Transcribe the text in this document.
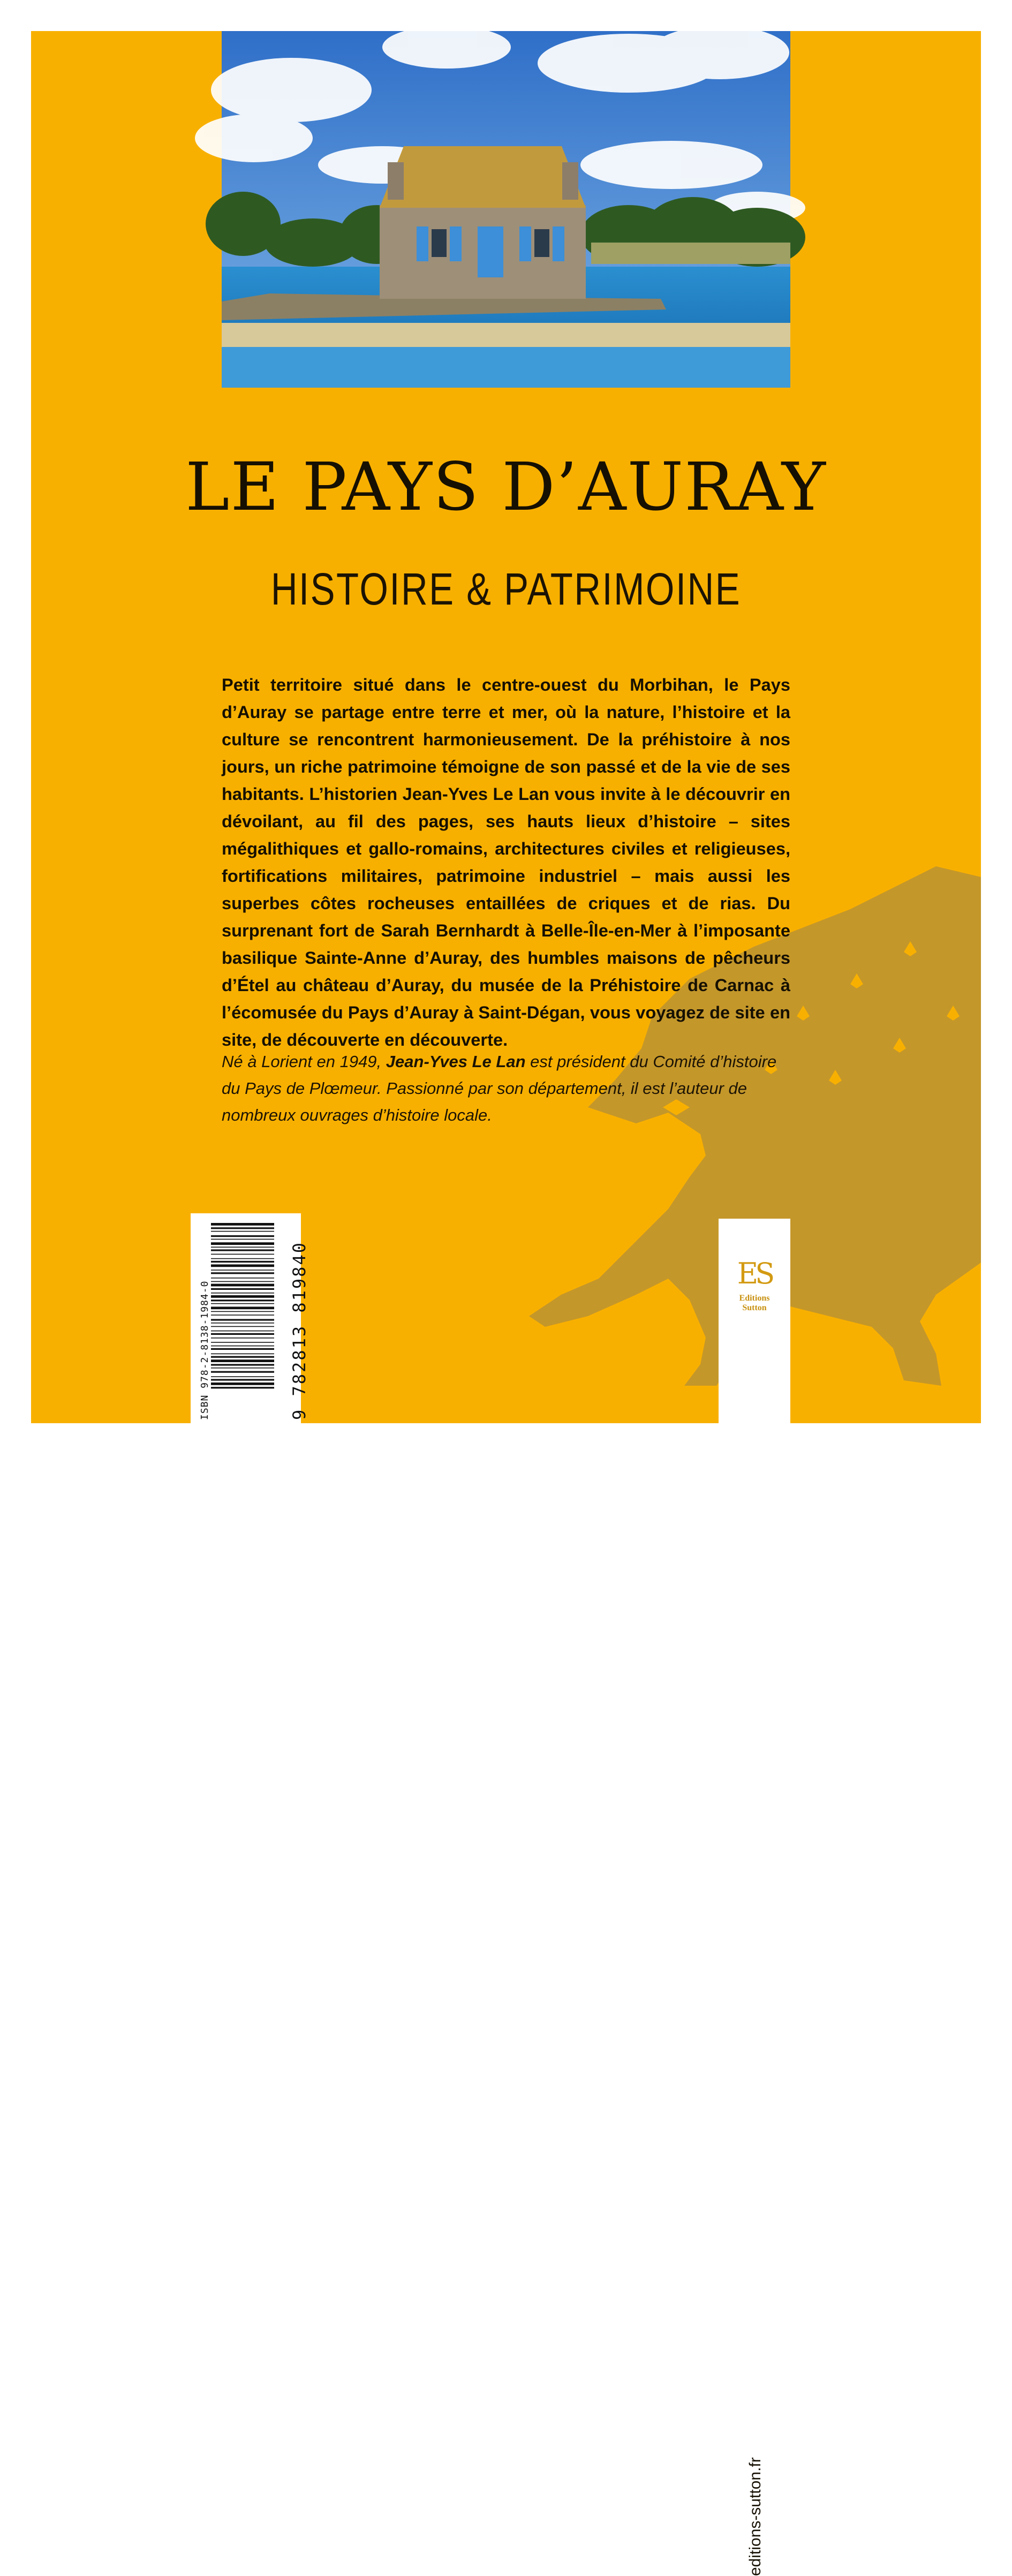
LE PAYS D’AURAY
HISTOIRE & PATRIMOINE

Petit territoire situé dans le centre-ouest du Morbihan, le Pays d’Auray se partage entre terre et mer, où la nature, l’histoire et la culture se rencontrent harmonieusement. De la préhistoire à nos jours, un riche patrimoine témoigne de son passé et de la vie de ses habitants. L’historien Jean-Yves Le Lan vous invite à le découvrir en dévoilant, au fil des pages, ses hauts lieux d’histoire – sites mégalithiques et gallo-romains, architectures civiles et religieuses, fortifications militaires, patrimoine industriel – mais aussi les superbes côtes rocheuses entaillées de criques et de rias. Du surprenant fort de Sarah Bernhardt à Belle-Île-en-Mer à l’imposante basilique Sainte-Anne d’Auray, des humbles maisons de pêcheurs d’Étel au château d’Auray, du musée de la Préhistoire de Carnac à l’écomusée du Pays d’Auray à Saint-Dégan, vous voyagez de site en site, de découverte en découverte.

Né à Lorient en 1949, Jean-Yves Le Lan est président du Comité d’histoire du Pays de Plœmeur. Passionné par son département, il est l’auteur de nombreux ouvrages d’histoire locale.

editions-sutton.fr
ES
Editions
Sutton
ISBN 978-2-8138-1984-0	9 782813 819840
